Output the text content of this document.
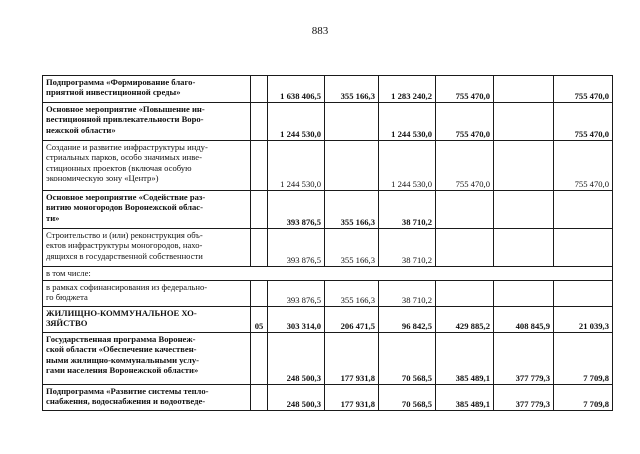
883
Подпрограмма «Формирование благо-
приятной инвестиционной среды»		1 638 406,5	355 166,3	1 283 240,2	755 470,0		755 470,0

Основное мероприятие «Повышение ин-
вестиционной привлекательности Воро-
нежской области»		1 244 530,0		1 244 530,0	755 470,0		755 470,0

Создание и развитие инфраструктуры инду-
стриальных парков, особо значимых инве-
стиционных проектов (включая особую
экономическую зону «Центр»)		1 244 530,0		1 244 530,0	755 470,0		755 470,0

Основное мероприятие «Содействие раз-
витию моногородов Воронежской облас-
ти»		393 876,5	355 166,3	38 710,2			

Строительство и (или) реконструкция объ-
ектов инфраструктуры моногородов, нахо-
дящихся в государственной собственности		393 876,5	355 166,3	38 710,2			

в том числе:							

в рамках софинансирования из федерально-
го бюджета		393 876,5	355 166,3	38 710,2			

ЖИЛИЩНО-КОММУНАЛЬНОЕ ХО-
ЗЯЙСТВО	05	303 314,0	206 471,5	96 842,5	429 885,2	408 845,9	21 039,3

Государственная программа Воронеж-
ской области «Обеспечение качествен-
ными жилищно-коммунальными услу-
гами населения Воронежской области»		248 500,3	177 931,8	70 568,5	385 489,1	377 779,3	7 709,8

Подпрограмма «Развитие системы тепло-
снабжения, водоснабжения и водоотведе-		248 500,3	177 931,8	70 568,5	385 489,1	377 779,3	7 709,8
